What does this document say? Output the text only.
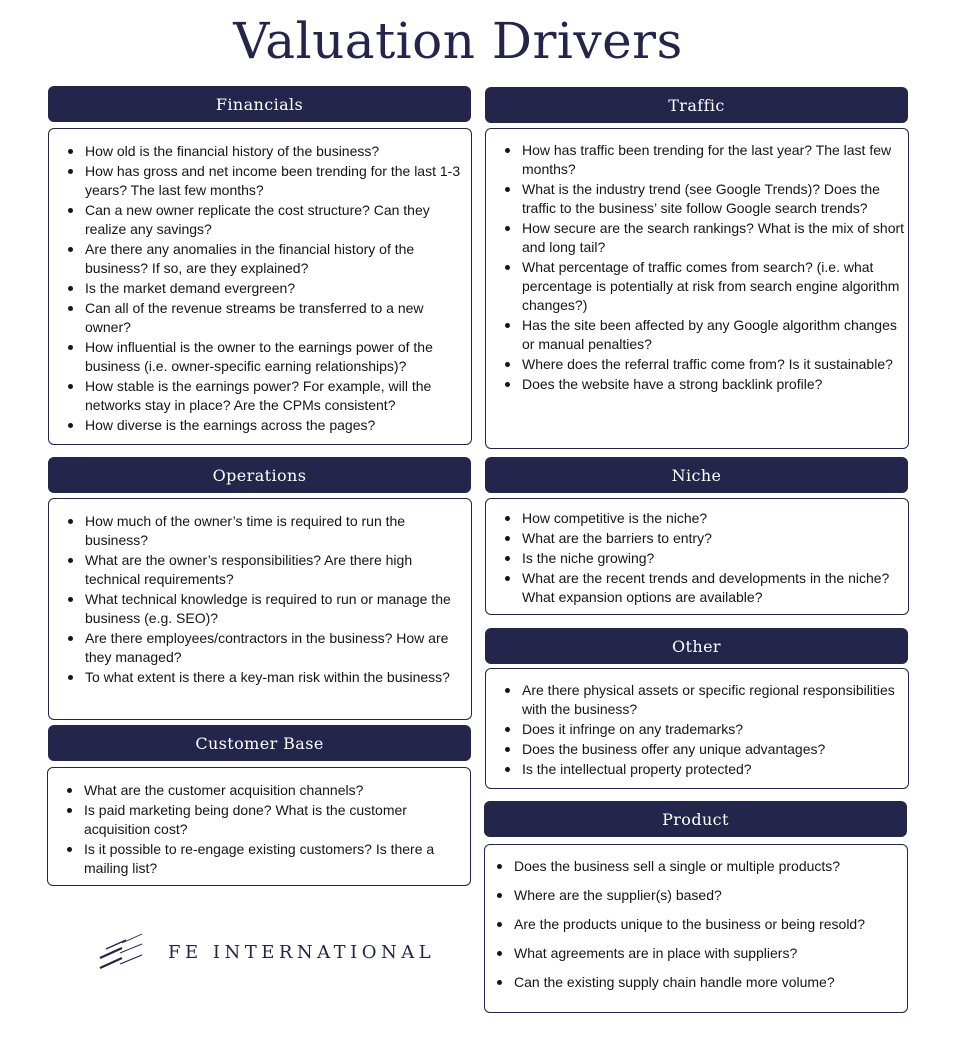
Valuation Drivers
Financials
How old is the financial history of the business?
How has gross and net income been trending for the last 1-3 years? The last few months?
Can a new owner replicate the cost structure? Can they realize any savings?
Are there any anomalies in the financial history of the business? If so, are they explained?
Is the market demand evergreen?
Can all of the revenue streams be transferred to a new owner?
How influential is the owner to the earnings power of the business (i.e. owner-specific earning relationships)?
How stable is the earnings power? For example, will the networks stay in place? Are the CPMs consistent?
How diverse is the earnings across the pages?
Traffic
How has traffic been trending for the last year? The last few months?
What is the industry trend (see Google Trends)? Does the traffic to the business’ site follow Google search trends?
How secure are the search rankings? What is the mix of short and long tail?
What percentage of traffic comes from search? (i.e. what percentage is potentially at risk from search engine algorithm changes?)
Has the site been affected by any Google algorithm changes or manual penalties?
Where does the referral traffic come from? Is it sustainable?
Does the website have a strong backlink profile?
Operations
How much of the owner’s time is required to run the business?
What are the owner’s responsibilities? Are there high technical requirements?
What technical knowledge is required to run or manage the business (e.g. SEO)?
Are there employees/contractors in the business? How are they managed?
To what extent is there a key-man risk within the business?
Niche
How competitive is the niche?
What are the barriers to entry?
Is the niche growing?
What are the recent trends and developments in the niche? What expansion options are available?
Customer Base
What are the customer acquisition channels?
Is paid marketing being done? What is the customer acquisition cost?
Is it possible to re-engage existing customers? Is there a mailing list?
Other
Are there physical assets or specific regional responsibilities with the business?
Does it infringe on any trademarks?
Does the business offer any unique advantages?
Is the intellectual property protected?
Product
Does the business sell a single or multiple products?
Where are the supplier(s) based?
Are the products unique to the business or being resold?
What agreements are in place with suppliers?
Can the existing supply chain handle more volume?
FE INTERNATIONAL
